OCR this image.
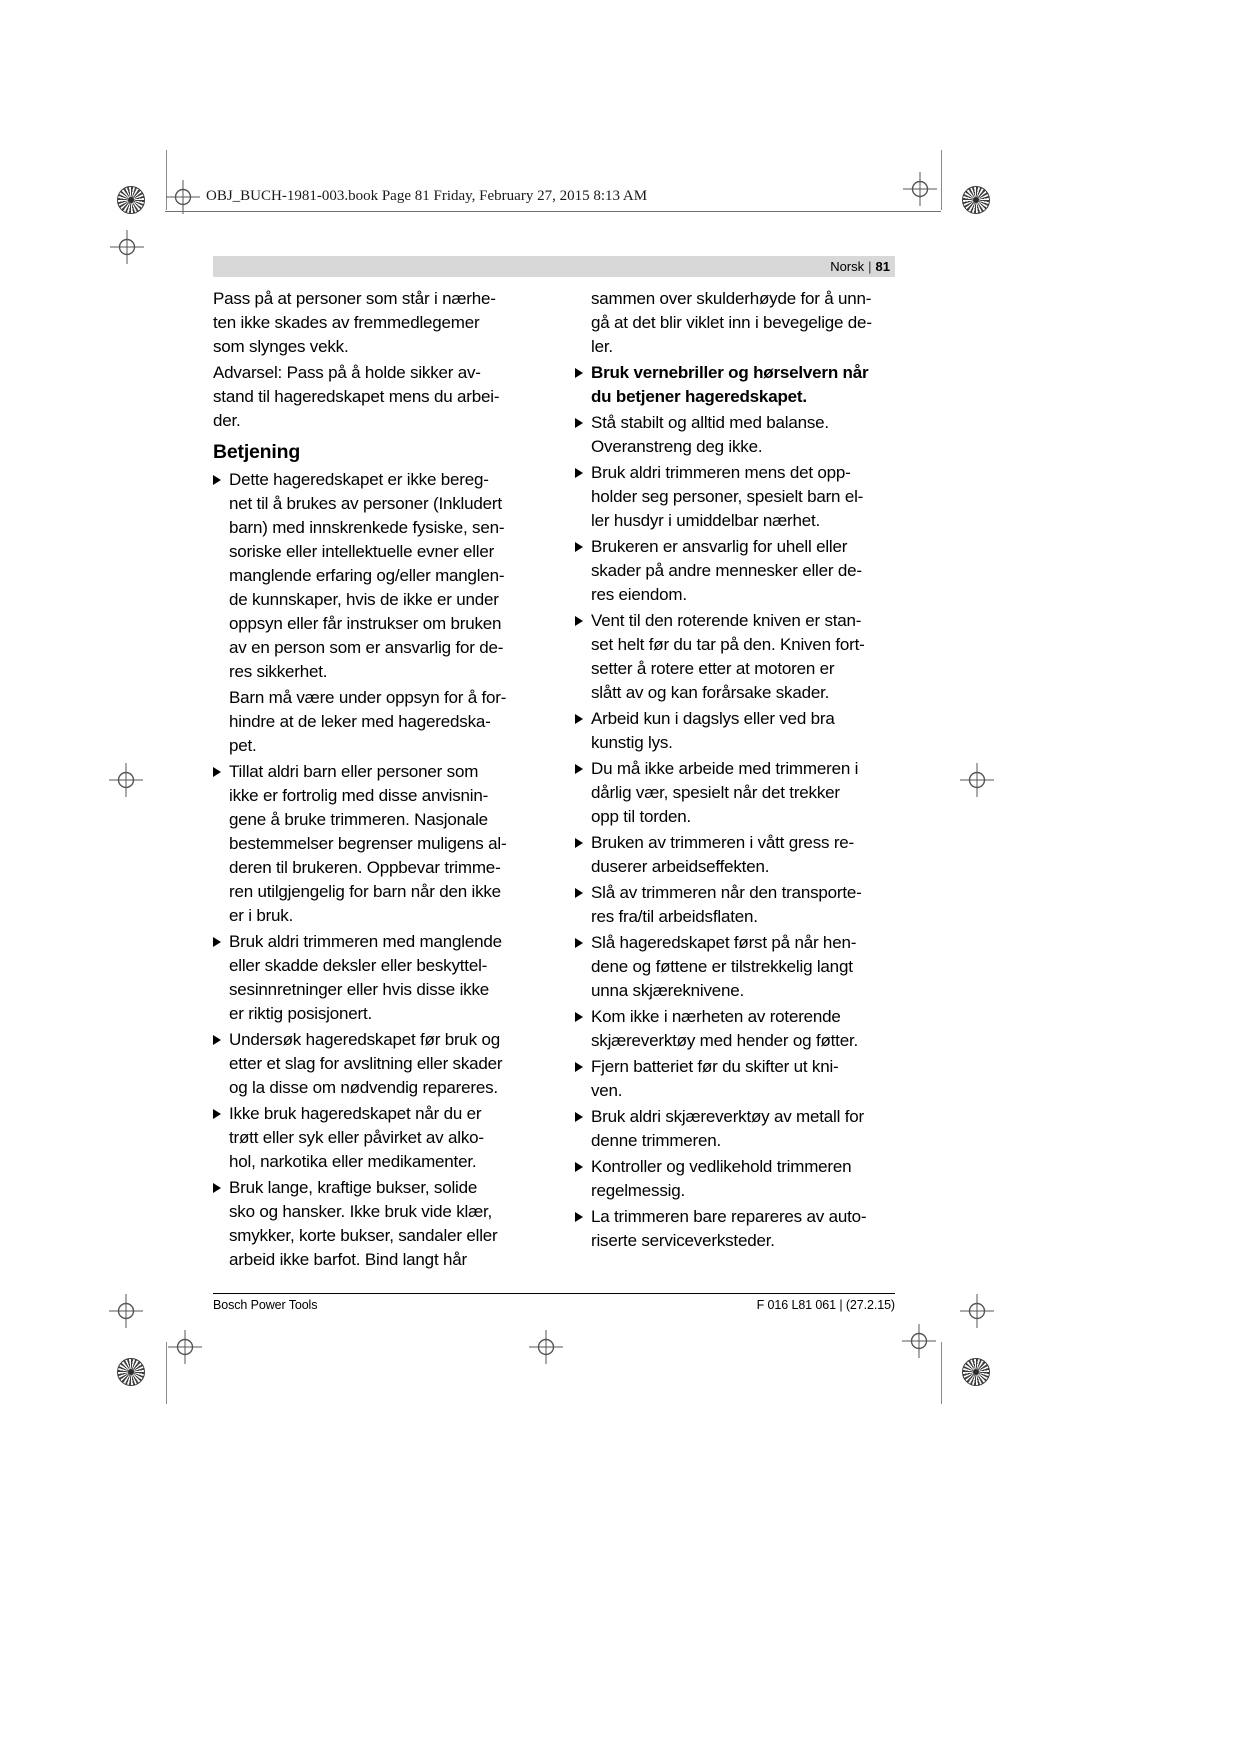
OBJ_BUCH-1981-003.book Page 81 Friday, February 27, 2015 8:13 AM
Norsk | 81
Pass på at personer som står i nærhe-
ten ikke skades av fremmedlegemer
som slynges vekk.
Advarsel: Pass på å holde sikker av-
stand til hageredskapet mens du arbei-
der.
Betjening
Dette hageredskapet er ikke bereg-
net til å brukes av personer (Inkludert
barn) med innskrenkede fysiske, sen-
soriske eller intellektuelle evner eller
manglende erfaring og/eller manglen-
de kunnskaper, hvis de ikke er under
oppsyn eller får instrukser om bruken
av en person som er ansvarlig for de-
res sikkerhet.
Barn må være under oppsyn for å for-
hindre at de leker med hageredska-
pet.
Tillat aldri barn eller personer som
ikke er fortrolig med disse anvisnin-
gene å bruke trimmeren. Nasjonale
bestemmelser begrenser muligens al-
deren til brukeren. Oppbevar trimme-
ren utilgjengelig for barn når den ikke
er i bruk.
Bruk aldri trimmeren med manglende
eller skadde deksler eller beskyttel-
sesinnretninger eller hvis disse ikke
er riktig posisjonert.
Undersøk hageredskapet før bruk og
etter et slag for avslitning eller skader
og la disse om nødvendig repareres.
Ikke bruk hageredskapet når du er
trøtt eller syk eller påvirket av alko-
hol, narkotika eller medikamenter.
Bruk lange, kraftige bukser, solide
sko og hansker. Ikke bruk vide klær,
smykker, korte bukser, sandaler eller
arbeid ikke barfot. Bind langt hår
sammen over skulderhøyde for å unn-
gå at det blir viklet inn i bevegelige de-
ler.
Bruk vernebriller og hørselvern når
du betjener hageredskapet.
Stå stabilt og alltid med balanse.
Overanstreng deg ikke.
Bruk aldri trimmeren mens det opp-
holder seg personer, spesielt barn el-
ler husdyr i umiddelbar nærhet.
Brukeren er ansvarlig for uhell eller
skader på andre mennesker eller de-
res eiendom.
Vent til den roterende kniven er stan-
set helt før du tar på den. Kniven fort-
setter å rotere etter at motoren er
slått av og kan forårsake skader.
Arbeid kun i dagslys eller ved bra
kunstig lys.
Du må ikke arbeide med trimmeren i
dårlig vær, spesielt når det trekker
opp til torden.
Bruken av trimmeren i vått gress re-
duserer arbeidseffekten.
Slå av trimmeren når den transporte-
res fra/til arbeidsflaten.
Slå hageredskapet først på når hen-
dene og føttene er tilstrekkelig langt
unna skjæreknivene.
Kom ikke i nærheten av roterende
skjæreverktøy med hender og føtter.
Fjern batteriet før du skifter ut kni-
ven.
Bruk aldri skjæreverktøy av metall for
denne trimmeren.
Kontroller og vedlikehold trimmeren
regelmessig.
La trimmeren bare repareres av auto-
riserte serviceverksteder.
Bosch Power Tools	F 016 L81 061 | (27.2.15)
